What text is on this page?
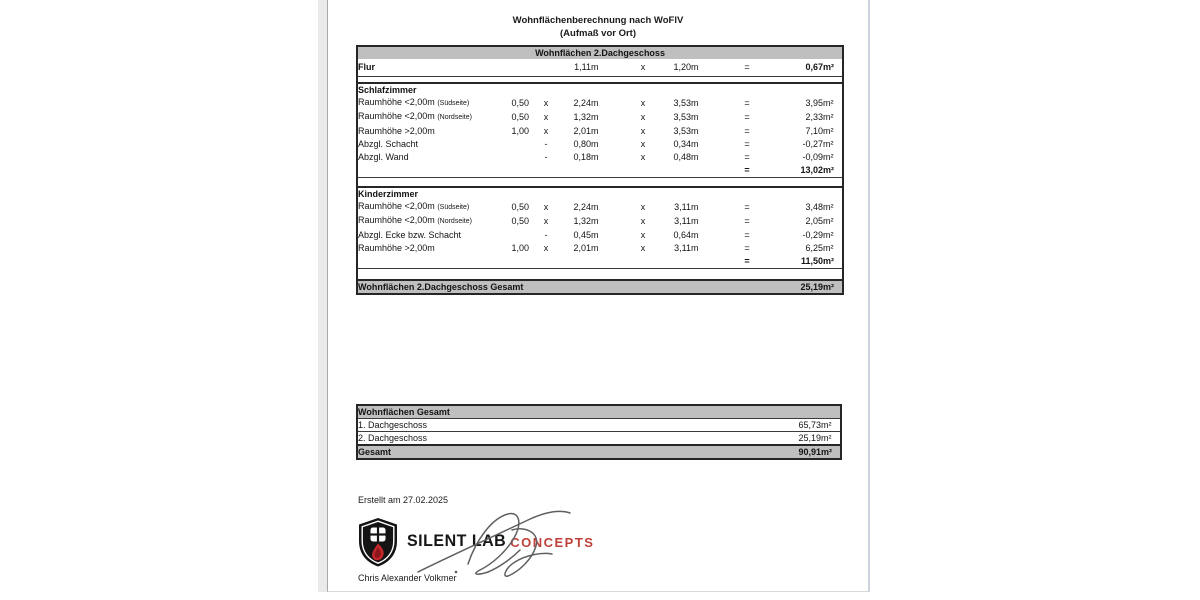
Wohnflächenberechnung nach WoFlV
(Aufmaß vor Ort)
Wohnflächen 2.Dachgeschoss										
Flur			1,11	m	x	1,20	m	=	0,67	m²

Schlafzimmer										
Raumhöhe <2,00m (Südseite)	0,50	x	2,24	m	x	3,53	m	=	3,95	m²
Raumhöhe <2,00m (Nordseite)	0,50	x	1,32	m	x	3,53	m	=	2,33	m²
Raumhöhe >2,00m	1,00	x	2,01	m	x	3,53	m	=	7,10	m²
Abzgl. Schacht		-	0,80	m	x	0,34	m	=	-0,27	m²
Abzgl. Wand		-	0,18	m	x	0,48	m	=	-0,09	m²
								=	13,02	m²

Kinderzimmer										
Raumhöhe <2,00m (Südseite)	0,50	x	2,24	m	x	3,11	m	=	3,48	m²
Raumhöhe <2,00m (Nordseite)	0,50	x	1,32	m	x	3,11	m	=	2,05	m²
Abzgl. Ecke bzw. Schacht		-	0,45	m	x	0,64	m	=	-0,29	m²
Raumhöhe >2,00m	1,00	x	2,01	m	x	3,11	m	=	6,25	m²
								=	11,50	m²

Wohnflächen 2.Dachgeschoss Gesamt									25,19	m²
Wohnflächen Gesamt		
1. Dachgeschoss	65,73	m²
2. Dachgeschoss	25,19	m²
Gesamt	90,91	m²
Erstellt am 27.02.2025
SILENT LAB CONCEPTS
Chris Alexander Volkmer
